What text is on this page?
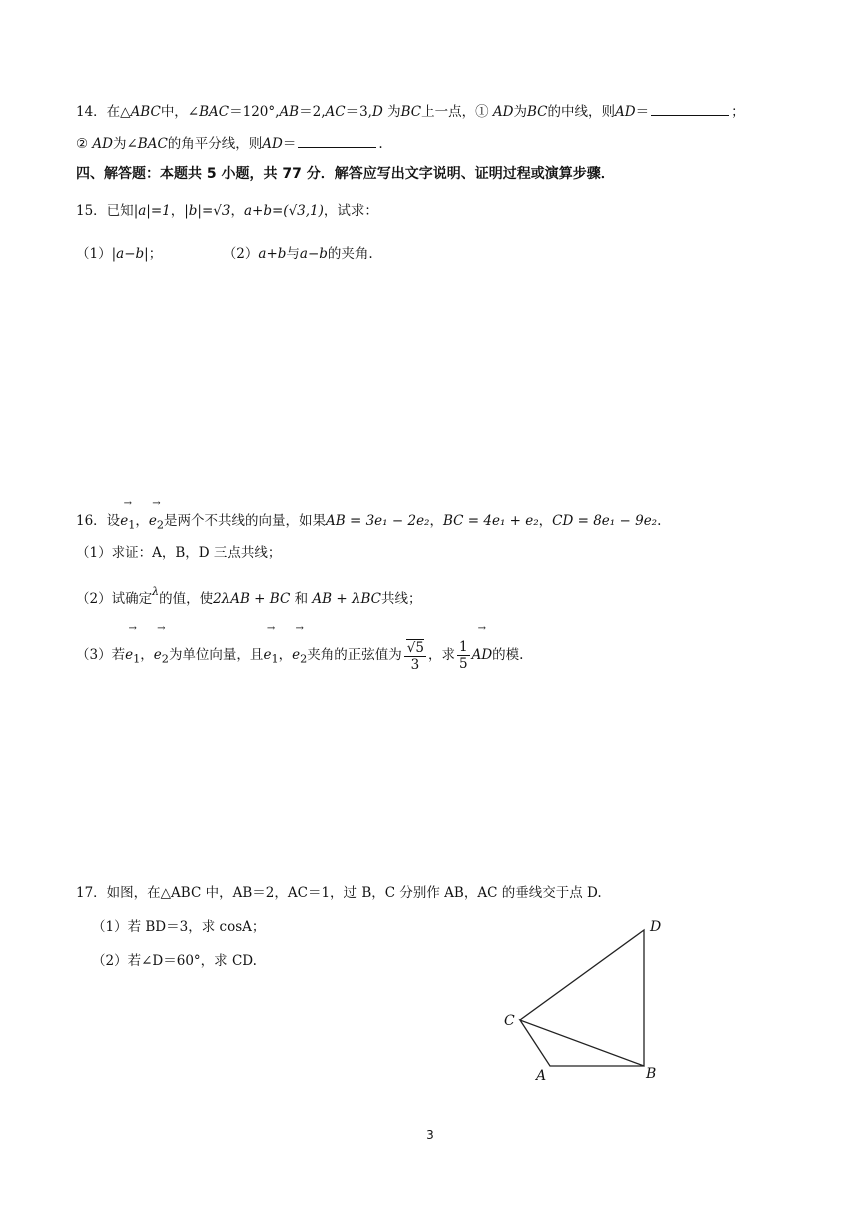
14．在△ABC中，∠BAC＝120°,AB＝2,AC＝3,D 为BC上一点，① AD为BC的中线，则AD＝	；
② AD为∠BAC的角平分线，则AD＝	.
四、解答题：本题共 5 小题，共 77 分．解答应写出文字说明、证明过程或演算步骤．
15．已知|a|=1，|b|=√3，a+b=(√3,1)，试求：
（1）|a−b|；	（2）a+b与a−b的夹角.
16．设→ $e_1$，→ $e_2$是两个不共线的向量，如果AB = 3e₁ − 2e₂，BC = 4e₁ + e₂，CD = 8e₁ − 9e₂.
（1）求证：A，B，D 三点共线；
（2）试确定$^\lambda$的值，使2λAB + BC 和 AB + λBC共线；
（3）若→ $e_1$，→ $e_2$为单位向量，且→ $e_1$，→ $e_2$夹角的正弦值为 $\frac{√5}{3}$ ，求 $\frac{1}{5}$
→ AD的模.
17．如图，在△ABC 中，AB＝2，AC＝1，过 B，C 分别作 AB，AC 的垂线交于点 D.
（1）若 BD＝3，求 cosA；
（2）若∠D＝60°，求 CD.
D
C
A	B
3
